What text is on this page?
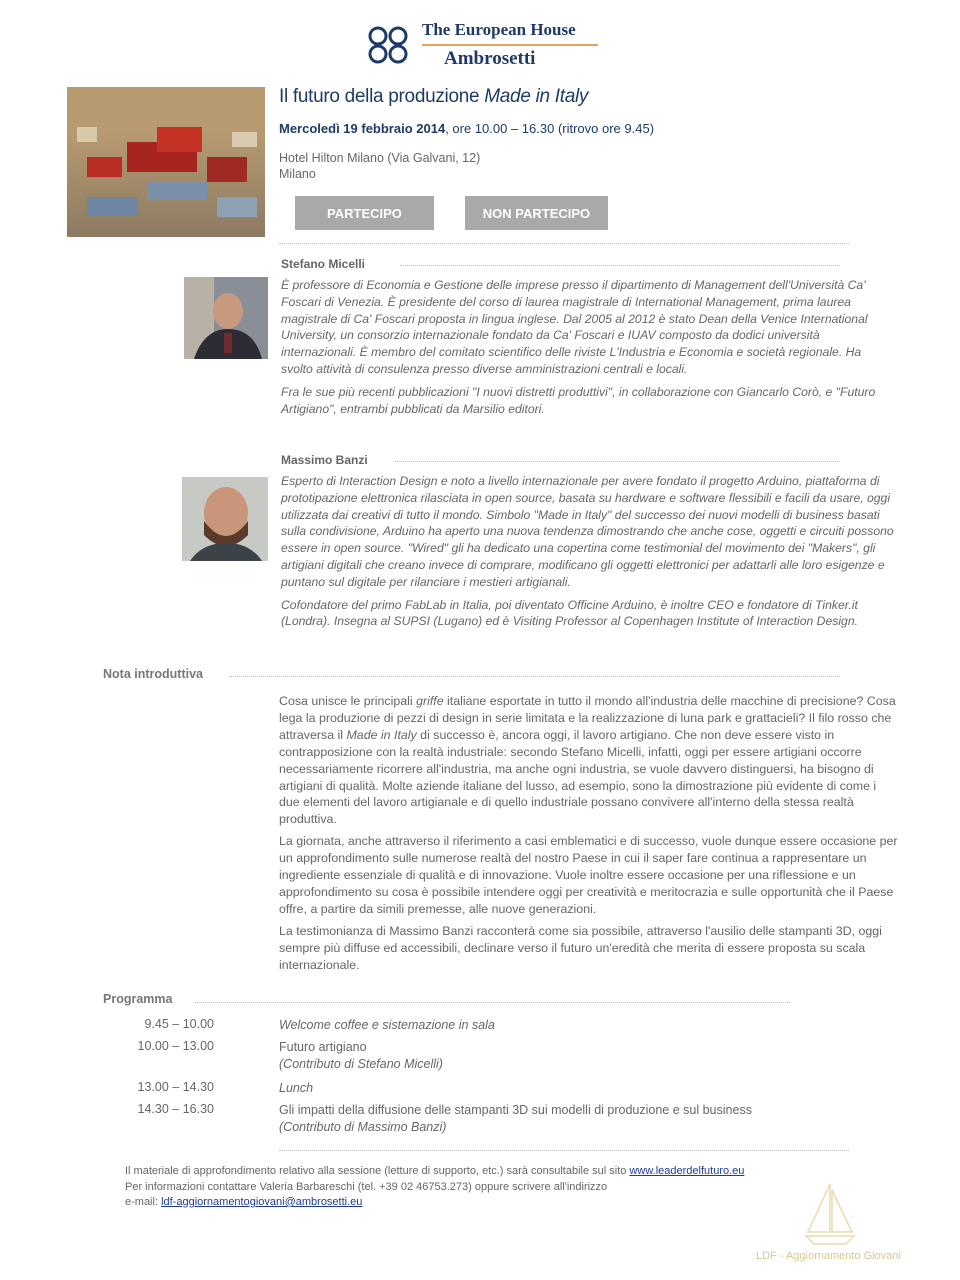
The European House
Ambrosetti
Il futuro della produzione Made in Italy
Mercoledì 19 febbraio 2014, ore 10.00 – 16.30 (ritrovo ore 9.45)
Hotel Hilton Milano (Via Galvani, 12)
Milano
PARTECIPO	NON PARTECIPO
Stefano Micelli

È professore di Economia e Gestione delle imprese presso il dipartimento di Management dell'Università Ca' Foscari di Venezia. È presidente del corso di laurea magistrale di International Management, prima laurea magistrale di Ca' Foscari proposta in lingua inglese. Dal 2005 al 2012 è stato Dean della Venice International University, un consorzio internazionale fondato da Ca' Foscari e IUAV composto da dodici università internazionali. È membro del comitato scientifico delle riviste L'Industria e Economia e società regionale. Ha svolto attività di consulenza presso diverse amministrazioni centrali e locali.

Fra le sue più recenti pubblicazioni "I nuovi distretti produttivi", in collaborazione con Giancarlo Corò, e "Futuro Artigiano", entrambi pubblicati da Marsilio editori.

Massimo Banzi

Esperto di Interaction Design e noto a livello internazionale per avere fondato il progetto Arduino, piattaforma di prototipazione elettronica rilasciata in open source, basata su hardware e software flessibili e facili da usare, oggi utilizzata dai creativi di tutto il mondo. Simbolo "Made in Italy" del successo dei nuovi modelli di business basati sulla condivisione, Arduino ha aperto una nuova tendenza dimostrando che anche cose, oggetti e circuiti possono essere in open source. "Wired" gli ha dedicato una copertina come testimonial del movimento dei "Makers", gli artigiani digitali che creano invece di comprare, modificano gli oggetti elettronici per adattarli alle loro esigenze e puntano sul digitale per rilanciare i mestieri artigianali.

Cofondatore del primo FabLab in Italia, poi diventato Officine Arduino, è inoltre CEO e fondatore di Tinker.it (Londra). Insegna al SUPSI (Lugano) ed è Visiting Professor al Copenhagen Institute of Interaction Design.

Nota introduttiva

Cosa unisce le principali griffe italiane esportate in tutto il mondo all'industria delle macchine di precisione? Cosa lega la produzione di pezzi di design in serie limitata e la realizzazione di luna park e grattacieli? Il filo rosso che attraversa il Made in Italy di successo è, ancora oggi, il lavoro artigiano. Che non deve essere visto in contrapposizione con la realtà industriale: secondo Stefano Micelli, infatti, oggi per essere artigiani occorre necessariamente ricorrere all'industria, ma anche ogni industria, se vuole davvero distinguersi, ha bisogno di artigiani di qualità. Molte aziende italiane del lusso, ad esempio, sono la dimostrazione più evidente di come i due elementi del lavoro artigianale e di quello industriale possano convivere all'interno della stessa realtà produttiva.

La giornata, anche attraverso il riferimento a casi emblematici e di successo, vuole dunque essere occasione per un approfondimento sulle numerose realtà del nostro Paese in cui il saper fare continua a rappresentare un ingrediente essenziale di qualità e di innovazione. Vuole inoltre essere occasione per una riflessione e un approfondimento su cosa è possibile intendere oggi per creatività e meritocrazia e sulle opportunità che il Paese offre, a partire da simili premesse, alle nuove generazioni.

La testimonianza di Massimo Banzi racconterà come sia possibile, attraverso l'ausilio delle stampanti 3D, oggi sempre più diffuse ed accessibili, declinare verso il futuro un'eredità che merita di essere proposta su scala internazionale.

Programma
9.45 – 10.00	Welcome coffee e sistemazione in sala
10.00 – 13.00	Futuro artigiano
(Contributo di Stefano Micelli)
13.00 – 14.30	Lunch
14.30 – 16.30	Gli impatti della diffusione delle stampanti 3D sui modelli di produzione e sul business
(Contributo di Massimo Banzi)
Il materiale di approfondimento relativo alla sessione (letture di supporto, etc.) sarà consultabile sul sito www.leaderdelfuturo.eu
Per informazioni contattare Valeria Barbareschi (tel. +39 02 46753.273) oppure scrivere all'indirizzo
e-mail: ldf-aggiornamentogiovani@ambrosetti.eu
LDF - Aggiornamento Giovani
